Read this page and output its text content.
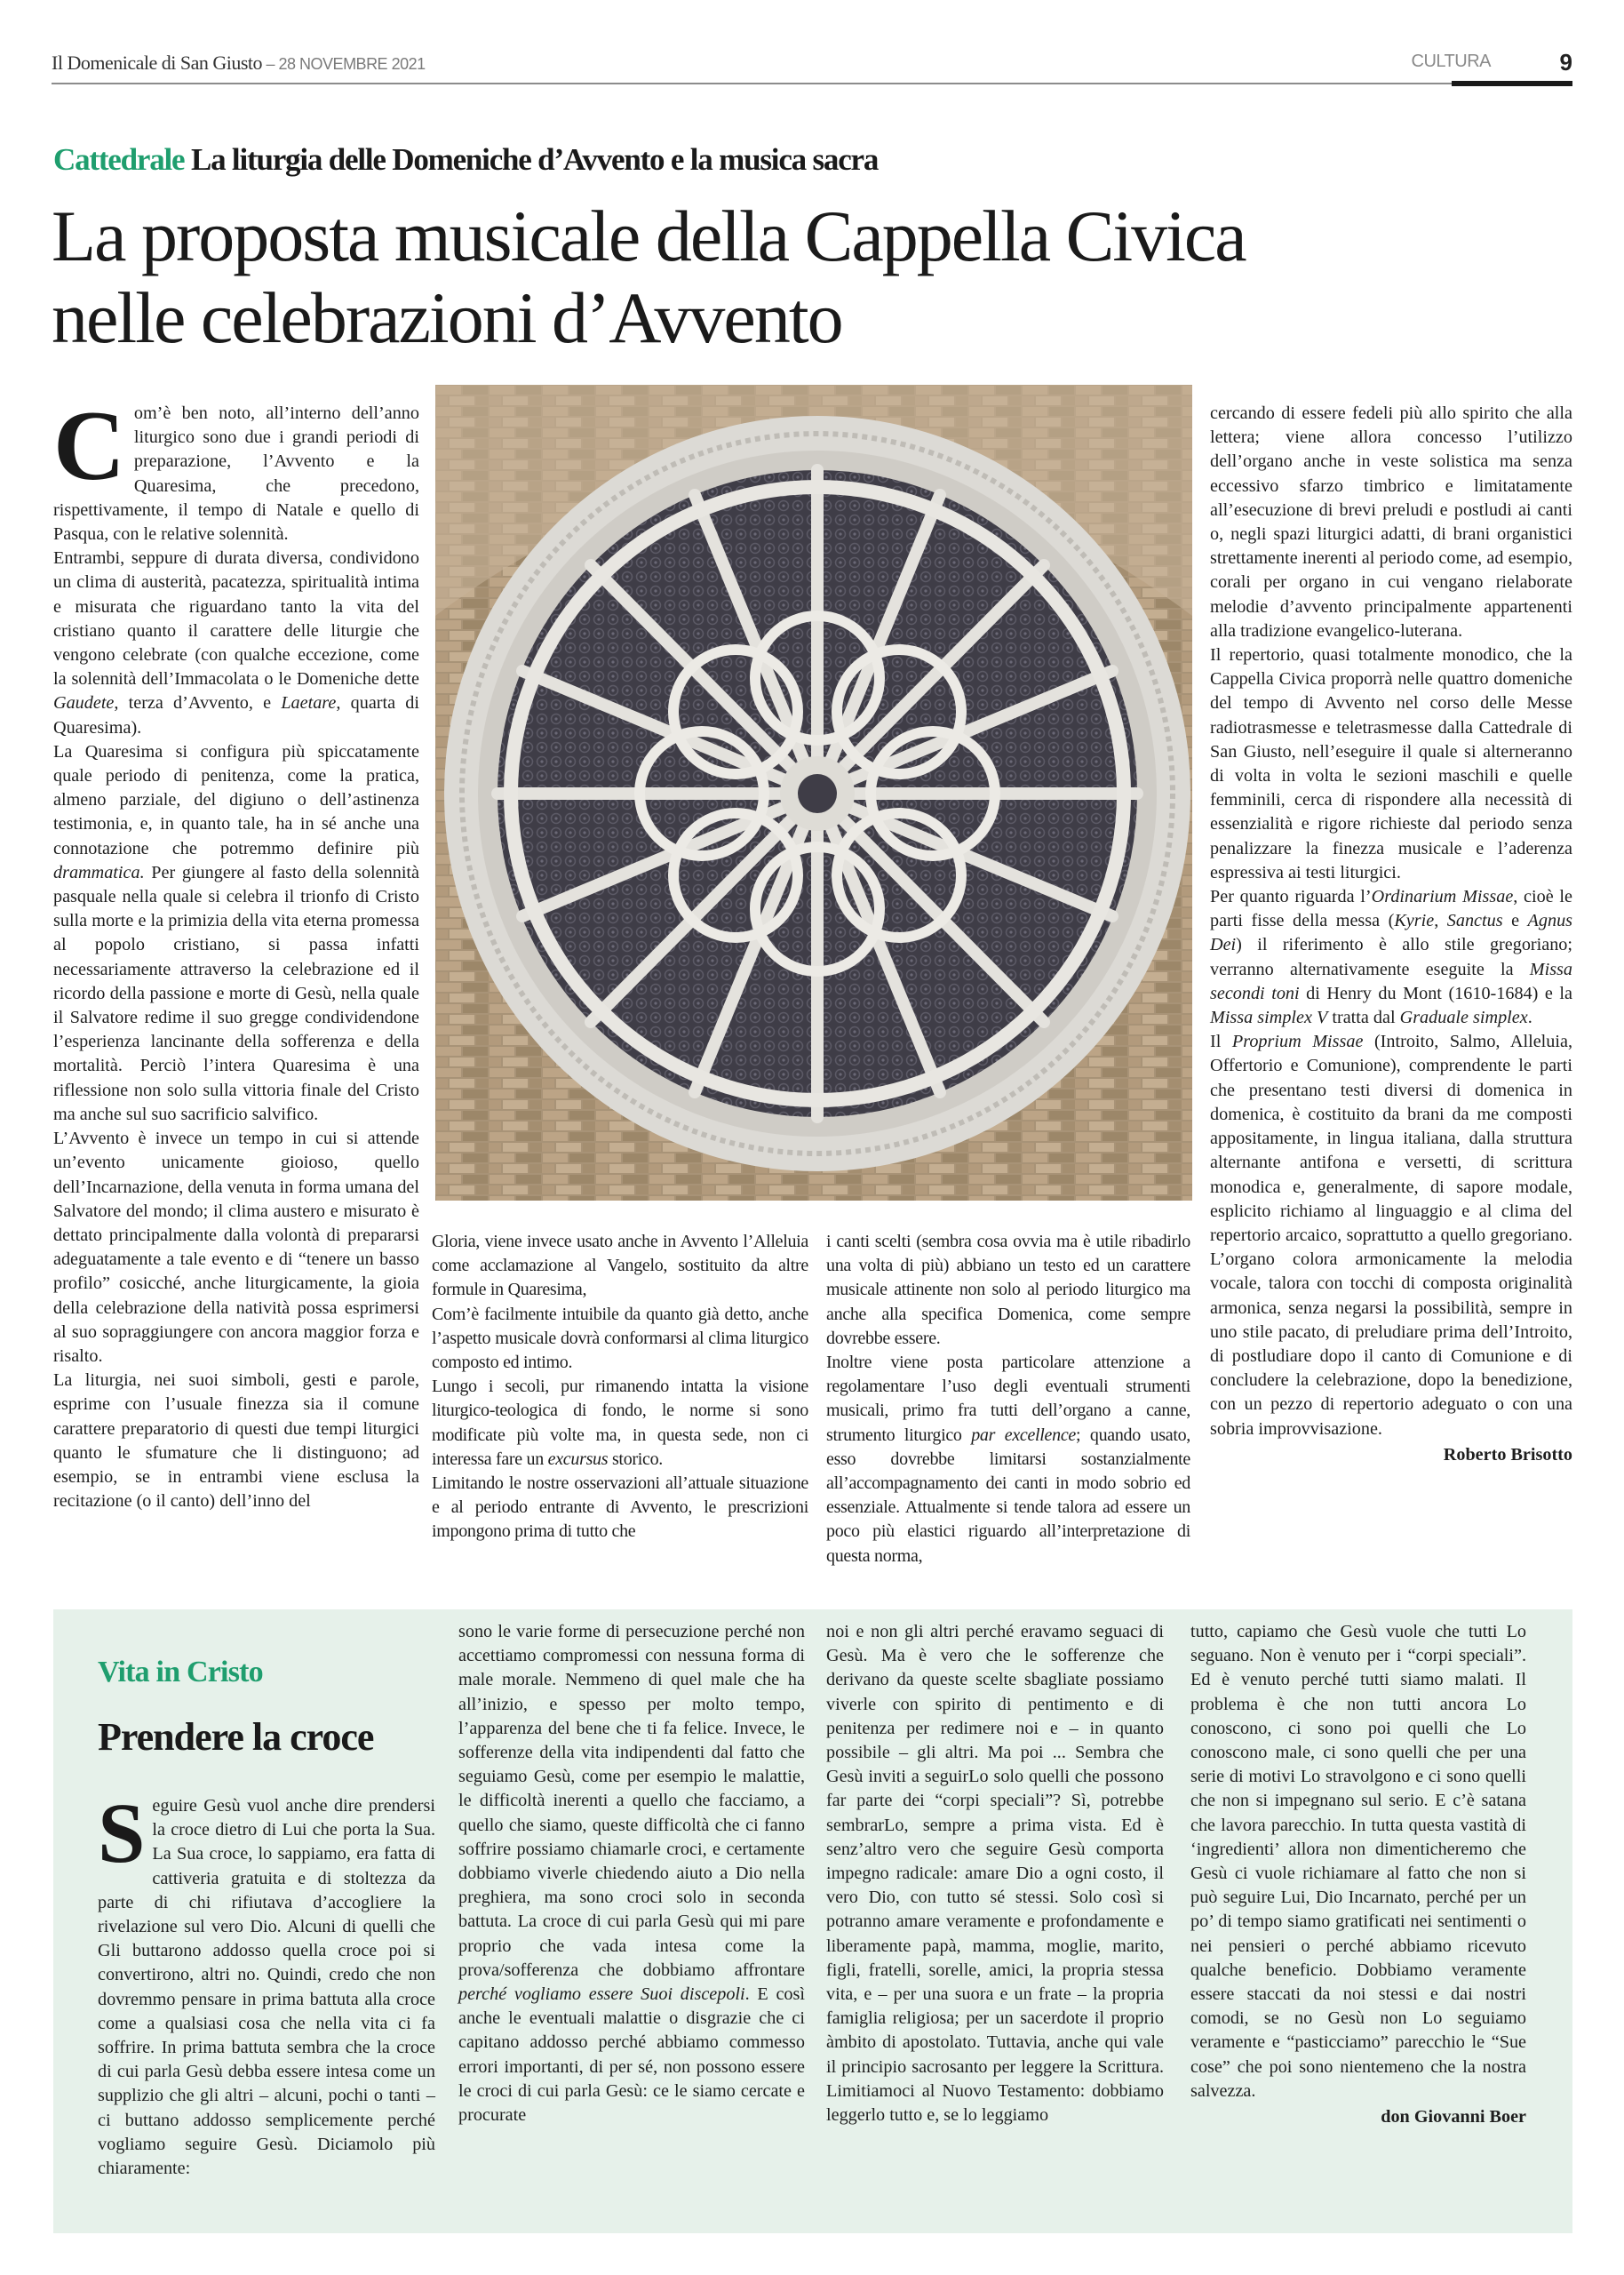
Il Domenicale di San Giusto – 28 NOVEMBRE 2021	CULTURA	9
Cattedrale La liturgia delle Domeniche d’Avvento e la musica sacra
La proposta musicale della Cappella Civica
nelle celebrazioni d’Avvento

Com’è ben noto, all’interno dell’anno liturgico sono due i grandi periodi di preparazione, l’Avvento e la Quaresima, che precedono, rispettivamente, il tempo di Natale e quello di Pasqua, con le relative solennità.

Entrambi, seppure di durata diversa, condividono un clima di austerità, pacatezza, spiritualità intima e misurata che riguardano tanto la vita del cristiano quanto il carattere delle liturgie che vengono celebrate (con qualche eccezione, come la solennità dell’Immacolata o le Domeniche dette Gaudete, terza d’Avvento, e Laetare, quarta di Quaresima).

La Quaresima si configura più spiccatamente quale periodo di penitenza, come la pratica, almeno parziale, del digiuno o dell’astinenza testimonia, e, in quanto tale, ha in sé anche una connotazione che potremmo definire più drammatica. Per giungere al fasto della solennità pasquale nella quale si celebra il trionfo di Cristo sulla morte e la primizia della vita eterna promessa al popolo cristiano, si passa infatti necessariamente attraverso la celebrazione ed il ricordo della passione e morte di Gesù, nella quale il Salvatore redime il suo gregge condividendone l’esperienza lancinante della sofferenza e della mortalità. Perciò l’intera Quaresima è una riflessione non solo sulla vittoria finale del Cristo ma anche sul suo sacrificio salvifico.

L’Avvento è invece un tempo in cui si attende un’evento unicamente gioioso, quello dell’Incarnazione, della venuta in forma umana del Salvatore del mondo; il clima austero e misurato è dettato principalmente dalla volontà di prepararsi adeguatamente a tale evento e di “tenere un basso profilo” cosicché, anche liturgicamente, la gioia della celebrazione della natività possa esprimersi al suo sopraggiungere con ancora maggior forza e risalto.

La liturgia, nei suoi simboli, gesti e parole, esprime con l’usuale finezza sia il comune carattere preparatorio di questi due tempi liturgici quanto le sfumature che li distinguono; ad esempio, se in entrambi viene esclusa la recitazione (o il canto) dell’inno del

Gloria, viene invece usato anche in Avvento l’Alleluia come acclamazione al Vangelo, sostituito da altre formule in Quaresima,

Com’è facilmente intuibile da quanto già detto, anche l’aspetto musicale dovrà conformarsi al clima liturgico composto ed intimo.

Lungo i secoli, pur rimanendo intatta la visione liturgico-teologica di fondo, le norme si sono modificate più volte ma, in questa sede, non ci interessa fare un excursus storico.

Limitando le nostre osservazioni all’attuale situazione e al periodo entrante di Avvento, le prescrizioni impongono prima di tutto che

i canti scelti (sembra cosa ovvia ma è utile ribadirlo una volta di più) abbiano un testo ed un carattere musicale attinente non solo al periodo liturgico ma anche alla specifica Domenica, come sempre dovrebbe essere.

Inoltre viene posta particolare attenzione a regolamentare l’uso degli eventuali strumenti musicali, primo fra tutti dell’organo a canne, strumento liturgico par excellence; quando usato, esso dovrebbe limitarsi sostanzialmente all’accompagnamento dei canti in modo sobrio ed essenziale. Attualmente si tende talora ad essere un poco più elastici riguardo all’interpretazione di questa norma,

cercando di essere fedeli più allo spirito che alla lettera; viene allora concesso l’utilizzo dell’organo anche in veste solistica ma senza eccessivo sfarzo timbrico e limitatamente all’esecuzione di brevi preludi e postludi ai canti o, negli spazi liturgici adatti, di brani organistici strettamente inerenti al periodo come, ad esempio, corali per organo in cui vengano rielaborate melodie d’avvento principalmente appartenenti alla tradizione evangelico-luterana.

Il repertorio, quasi totalmente monodico, che la Cappella Civica proporrà nelle quattro domeniche del tempo di Avvento nel corso delle Messe radiotrasmesse e teletrasmesse dalla Cattedrale di San Giusto, nell’eseguire il quale si alterneranno di volta in volta le sezioni maschili e quelle femminili, cerca di rispondere alla necessità di essenzialità e rigore richieste dal periodo senza penalizzare la finezza musicale e l’aderenza espressiva ai testi liturgici.

Per quanto riguarda l’Ordinarium Missae, cioè le parti fisse della messa (Kyrie, Sanctus e Agnus Dei) il riferimento è allo stile gregoriano; verranno alternativamente eseguite la Missa secondi toni di Henry du Mont (1610-1684) e la Missa simplex V tratta dal Graduale simplex.

Il Proprium Missae (Introito, Salmo, Alleluia, Offertorio e Comunione), comprendente le parti che presentano testi diversi di domenica in domenica, è costituito da brani da me composti appositamente, in lingua italiana, dalla struttura alternante antifona e versetti, di scrittura monodica e, generalmente, di sapore modale, esplicito richiamo al linguaggio e al clima del repertorio arcaico, soprattutto a quello gregoriano. L’organo colora armonicamente la melodia vocale, talora con tocchi di composta originalità armonica, senza negarsi la possibilità, sempre in uno stile pacato, di preludiare prima dell’Introito, di postludiare dopo il canto di Comunione e di concludere la celebrazione, dopo la benedizione, con un pezzo di repertorio adeguato o con una sobria improvvisazione.

Roberto Brisotto

Vita in Cristo
Prendere la croce

Seguire Gesù vuol anche dire prendersi la croce dietro di Lui che porta la Sua. La Sua croce, lo sappiamo, era fatta di cattiveria gratuita e di stoltezza da parte di chi rifiutava d’accogliere la rivelazione sul vero Dio. Alcuni di quelli che Gli buttarono addosso quella croce poi si convertirono, altri no. Quindi, credo che non dovremmo pensare in prima battuta alla croce come a qualsiasi cosa che nella vita ci fa soffrire. In prima battuta sembra che la croce di cui parla Gesù debba essere intesa come un supplizio che gli altri – alcuni, pochi o tanti – ci buttano addosso semplicemente perché vogliamo seguire Gesù. Diciamolo più chiaramente:

sono le varie forme di persecuzione perché non accettiamo compromessi con nessuna forma di male morale. Nemmeno di quel male che ha all’inizio, e spesso per molto tempo, l’apparenza del bene che ti fa felice. Invece, le sofferenze della vita indipendenti dal fatto che seguiamo Gesù, come per esempio le malattie, le difficoltà inerenti a quello che facciamo, a quello che siamo, queste difficoltà che ci fanno soffrire possiamo chiamarle croci, e certamente dobbiamo viverle chiedendo aiuto a Dio nella preghiera, ma sono croci solo in seconda battuta. La croce di cui parla Gesù qui mi pare proprio che vada intesa come la prova/sofferenza che dobbiamo affrontare perché vogliamo essere Suoi discepoli. E così anche le eventuali malattie o disgrazie che ci capitano addosso perché abbiamo commesso errori importanti, di per sé, non possono essere le croci di cui parla Gesù: ce le siamo cercate e procurate

noi e non gli altri perché eravamo seguaci di Gesù. Ma è vero che le sofferenze che derivano da queste scelte sbagliate possiamo viverle con spirito di pentimento e di penitenza per redimere noi e – in quanto possibile – gli altri. Ma poi ... Sembra che Gesù inviti a seguirLo solo quelli che possono far parte dei “corpi speciali”? Sì, potrebbe sembrarLo, sempre a prima vista. Ed è senz’altro vero che seguire Gesù comporta impegno radicale: amare Dio a ogni costo, il vero Dio, con tutto sé stessi. Solo così si potranno amare veramente e profondamente e liberamente papà, mamma, moglie, marito, figli, fratelli, sorelle, amici, la propria stessa vita, e – per una suora e un frate – la propria famiglia religiosa; per un sacerdote il proprio àmbito di apostolato. Tuttavia, anche qui vale il principio sacrosanto per leggere la Scrittura. Limitiamoci al Nuovo Testamento: dobbiamo leggerlo tutto e, se lo leggiamo

tutto, capiamo che Gesù vuole che tutti Lo seguano. Non è venuto per i “corpi speciali”. Ed è venuto perché tutti siamo malati. Il problema è che non tutti ancora Lo conoscono, ci sono poi quelli che Lo conoscono male, ci sono quelli che per una serie di motivi Lo stravolgono e ci sono quelli che non si impegnano sul serio. E c’è satana che lavora parecchio. In tutta questa vastità di ‘ingredienti’ allora non dimenticheremo che Gesù ci vuole richiamare al fatto che non si può seguire Lui, Dio Incarnato, perché per un po’ di tempo siamo gratificati nei sentimenti o nei pensieri o perché abbiamo ricevuto qualche beneficio. Dobbiamo veramente essere staccati da noi stessi e dai nostri comodi, se no Gesù non Lo seguiamo veramente e “pasticciamo” parecchio le “Sue cose” che poi sono nientemeno che la nostra salvezza.

don Giovanni Boer
